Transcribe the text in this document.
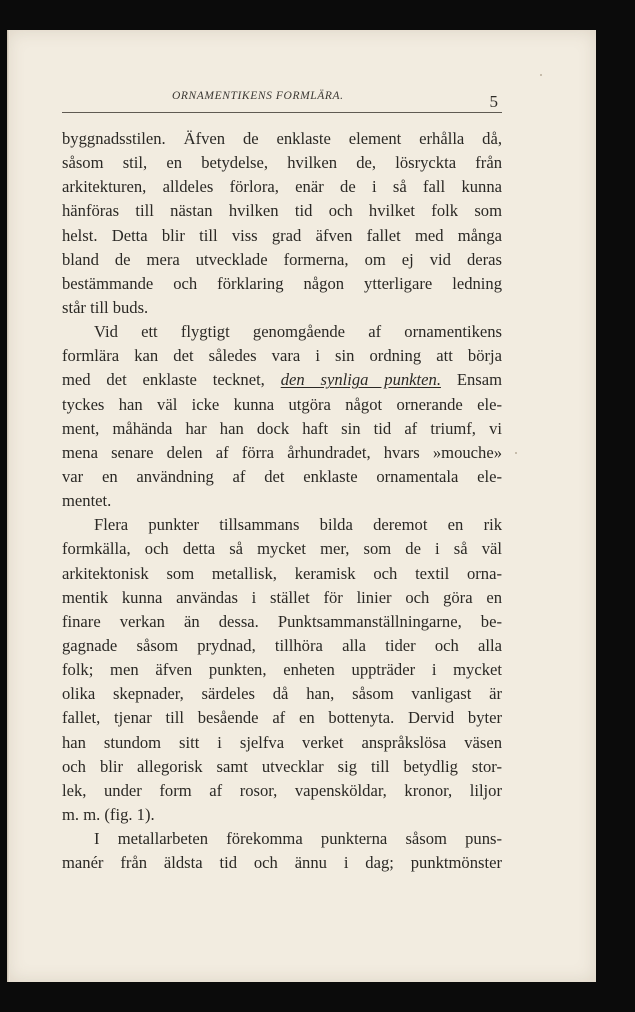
ORNAMENTIKENS FORMLÄRA.	5
byggnadsstilen. Äfven de enklaste element erhålla då,
såsom stil, en betydelse, hvilken de, lösryckta från
arkitekturen, alldeles förlora, enär de i så fall kunna
hänföras till nästan hvilken tid och hvilket folk som
helst. Detta blir till viss grad äfven fallet med många
bland de mera utvecklade formerna, om ej vid deras
bestämmande och förklaring någon ytterligare ledning
står till buds.
Vid ett flygtigt genomgående af ornamentikens
formlära kan det således vara i sin ordning att börja
med det enklaste tecknet, den synliga punkten. Ensam
tyckes han väl icke kunna utgöra något ornerande ele-
ment, måhända har han dock haft sin tid af triumf, vi
mena senare delen af förra århundradet, hvars »mouche»
var en användning af det enklaste ornamentala ele-
mentet.
Flera punkter tillsammans bilda deremot en rik
formkälla, och detta så mycket mer, som de i så väl
arkitektonisk som metallisk, keramisk och textil orna-
mentik kunna användas i stället för linier och göra en
finare verkan än dessa. Punktsammanställningarne, be-
gagnade såsom prydnad, tillhöra alla tider och alla
folk; men äfven punkten, enheten uppträder i mycket
olika skepnader, särdeles då han, såsom vanligast är
fallet, tjenar till besående af en bottenyta. Dervid byter
han stundom sitt i sjelfva verket anspråkslösa väsen
och blir allegorisk samt utvecklar sig till betydlig stor-
lek, under form af rosor, vapensköldar, kronor, liljor
m. m. (fig. 1).
I metallarbeten förekomma punkterna såsom puns-
manér från äldsta tid och ännu i dag; punktmönster
